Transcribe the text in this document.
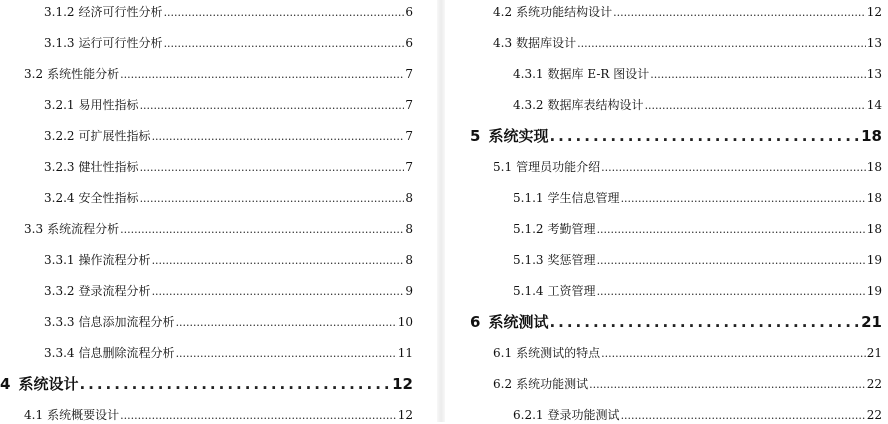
3.1.2 经济可行性分析 .....	6
3.1.3 运行可行性分析 .....	6
3.2 系统性能分析 .....	7
3.2.1 易用性指标 .....	7
3.2.2 可扩展性指标 .....	7
3.2.3 健壮性指标 .....	7
3.2.4 安全性指标 .....	8
3.3 系统流程分析 .....	8
3.3.1 操作流程分析 .....	8
3.3.2 登录流程分析 .....	9
3.3.3 信息添加流程分析 .....	10
3.3.4 信息删除流程分析 .....	11
4 系统设计 .....	12
4.1 系统概要设计 .....	12
4.2 系统功能结构设计 .....	12
4.3 数据库设计 .....	13
4.3.1 数据库 E-R 图设计 .....	13
4.3.2 数据库表结构设计 .....	14
5 系统实现 .....	18
5.1 管理员功能介绍 .....	18
5.1.1 学生信息管理 .....	18
5.1.2 考勤管理 .....	18
5.1.3 奖惩管理 .....	19
5.1.4 工资管理 .....	19
6 系统测试 .....	21
6.1 系统测试的特点 .....	21
6.2 系统功能测试 .....	22
6.2.1 登录功能测试 .....	22
